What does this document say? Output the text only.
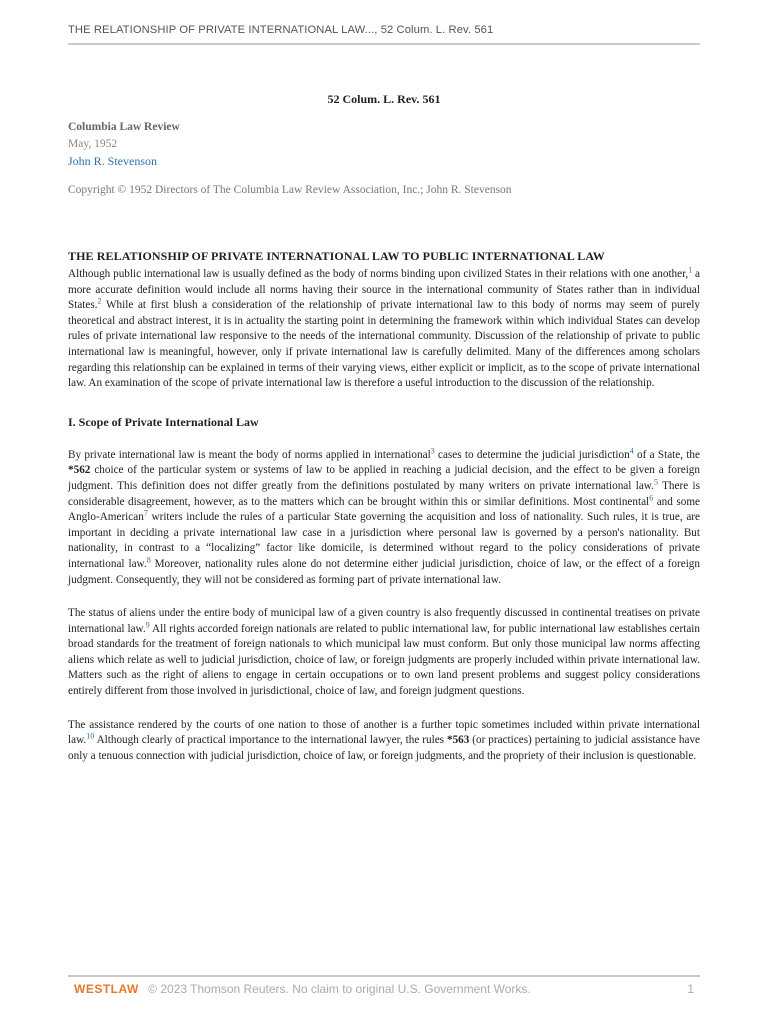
THE RELATIONSHIP OF PRIVATE INTERNATIONAL LAW..., 52 Colum. L. Rev. 561
52 Colum. L. Rev. 561
Columbia Law Review
May, 1952
John R. Stevenson
Copyright © 1952 Directors of The Columbia Law Review Association, Inc.; John R. Stevenson
THE RELATIONSHIP OF PRIVATE INTERNATIONAL LAW TO PUBLIC INTERNATIONAL LAW

Although public international law is usually defined as the body of norms binding upon civilized States in their relations with one another,$^1$ a more accurate definition would include all norms having their source in the international community of States rather than in individual States.$^2$ While at first blush a consideration of the relationship of private international law to this body of norms may seem of purely theoretical and abstract interest, it is in actuality the starting point in determining the framework within which individual States can develop rules of private international law responsive to the needs of the international community. Discussion of the relationship of private to public international law is meaningful, however, only if private international law is carefully delimited. Many of the differences among scholars regarding this relationship can be explained in terms of their varying views, either explicit or implicit, as to the scope of private international law. An examination of the scope of private international law is therefore a useful introduction to the discussion of the relationship.

I. Scope of Private International Law

By private international law is meant the body of norms applied in international$^3$ cases to determine the judicial jurisdiction$^4$ of a State, the *562 choice of the particular system or systems of law to be applied in reaching a judicial decision, and the effect to be given a foreign judgment. This definition does not differ greatly from the definitions postulated by many writers on private international law.$^5$ There is considerable disagreement, however, as to the matters which can be brought within this or similar definitions. Most continental$^6$ and some Anglo-American$^7$ writers include the rules of a particular State governing the acquisition and loss of nationality. Such rules, it is true, are important in deciding a private international law case in a jurisdiction where personal law is governed by a person's nationality. But nationality, in contrast to a “localizing” factor like domicile, is determined without regard to the policy considerations of private international law.$^8$ Moreover, nationality rules alone do not determine either judicial jurisdiction, choice of law, or the effect of a foreign judgment. Consequently, they will not be considered as forming part of private international law.

The status of aliens under the entire body of municipal law of a given country is also frequently discussed in continental treatises on private international law.$^9$ All rights accorded foreign nationals are related to public international law, for public international law establishes certain broad standards for the treatment of foreign nationals to which municipal law must conform. But only those municipal law norms affecting aliens which relate as well to judicial jurisdiction, choice of law, or foreign judgments are properly included within private international law. Matters such as the right of aliens to engage in certain occupations or to own land present problems and suggest policy considerations entirely different from those involved in jurisdictional, choice of law, and foreign judgment questions.

The assistance rendered by the courts of one nation to those of another is a further topic sometimes included within private international law.$^{10}$ Although clearly of practical importance to the international lawyer, the rules *563 (or practices) pertaining to judicial assistance have only a tenuous connection with judicial jurisdiction, choice of law, or foreign judgments, and the propriety of their inclusion is questionable.

WESTLAW © 2023 Thomson Reuters. No claim to original U.S. Government Works.	1
